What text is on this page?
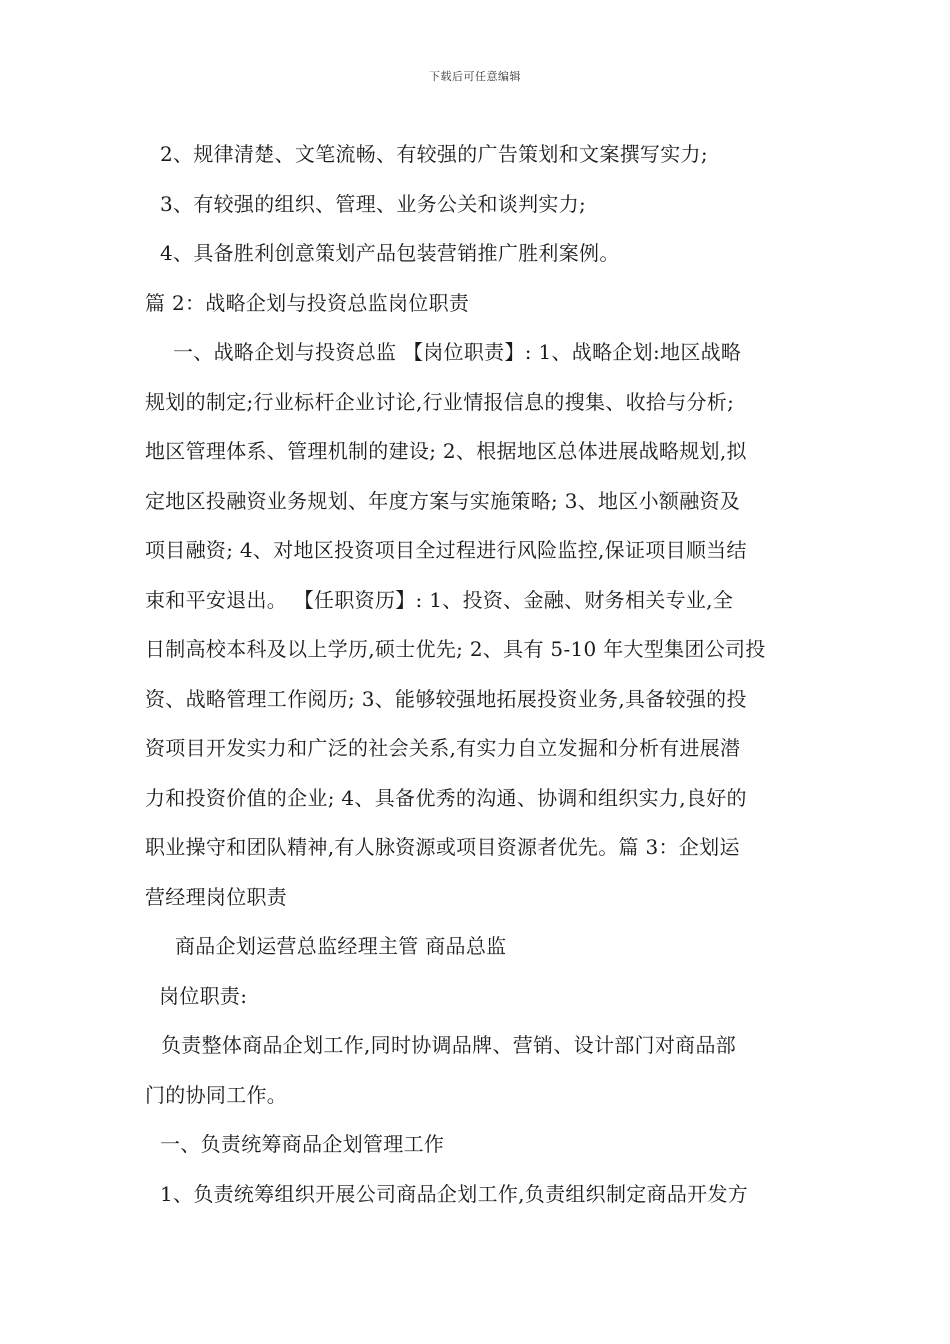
下载后可任意编辑
2、规律清楚、文笔流畅、有较强的广告策划和文案撰写实力;
3、有较强的组织、管理、业务公关和谈判实力;
4、具备胜利创意策划产品包装营销推广胜利案例。
篇 2：战略企划与投资总监岗位职责
一、战略企划与投资总监 【岗位职责】: 1、战略企划:地区战略
规划的制定;行业标杆企业讨论,行业情报信息的搜集、收拾与分析;
地区管理体系、管理机制的建设; 2、根据地区总体进展战略规划,拟
定地区投融资业务规划、年度方案与实施策略; 3、地区小额融资及
项目融资; 4、对地区投资项目全过程进行风险监控,保证项目顺当结
束和平安退出。 【任职资历】: 1、投资、金融、财务相关专业,全
日制高校本科及以上学历,硕士优先; 2、具有 5-10 年大型集团公司投
资、战略管理工作阅历; 3、能够较强地拓展投资业务,具备较强的投
资项目开发实力和广泛的社会关系,有实力自立发掘和分析有进展潜
力和投资价值的企业; 4、具备优秀的沟通、协调和组织实力,良好的
职业操守和团队精神,有人脉资源或项目资源者优先。篇 3：企划运
营经理岗位职责
商品企划运营总监经理主管 商品总监
岗位职责:
负责整体商品企划工作,同时协调品牌、营销、设计部门对商品部
门的协同工作。
一、负责统筹商品企划管理工作
1、负责统筹组织开展公司商品企划工作,负责组织制定商品开发方
